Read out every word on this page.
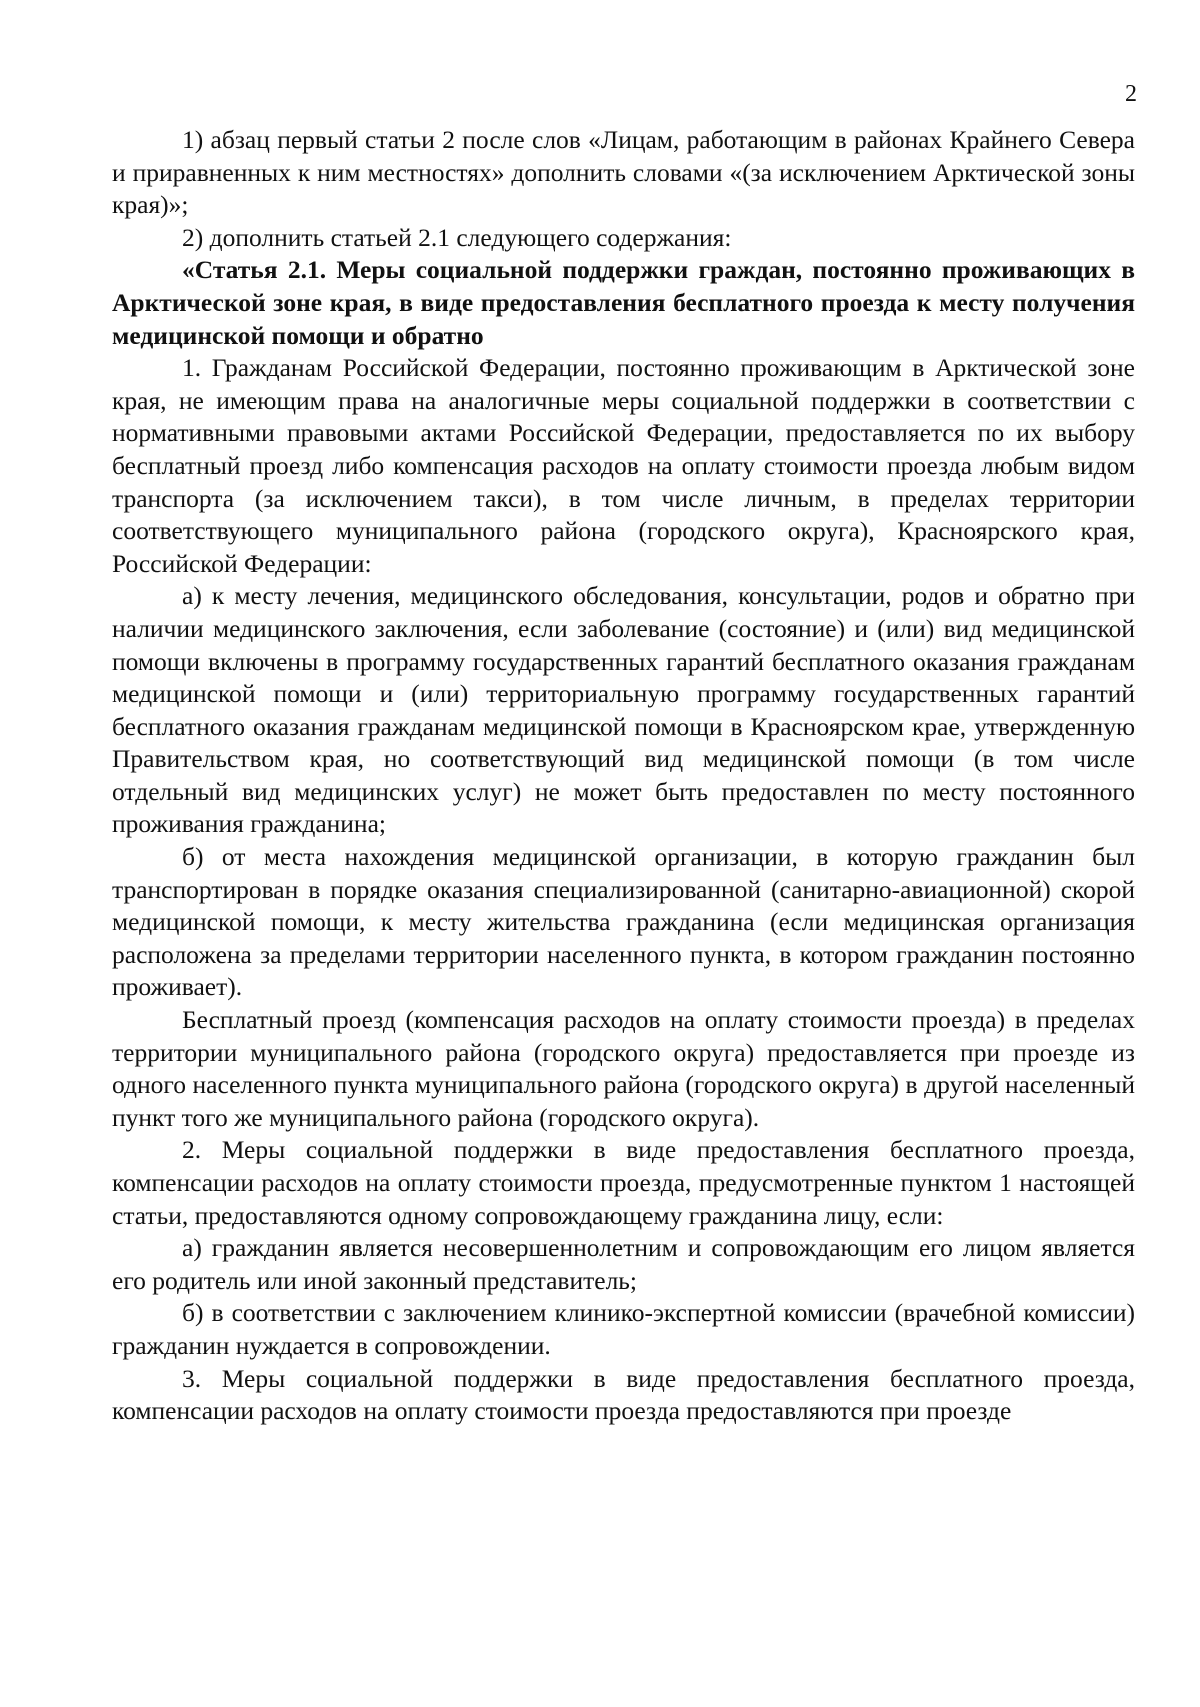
2

1) абзац первый статьи 2 после слов «Лицам, работающим в районах Крайнего Севера и приравненных к ним местностях» дополнить словами «(за исключением Арктической зоны края)»;

2) дополнить статьей 2.1 следующего содержания:

«Статья 2.1. Меры социальной поддержки граждан, постоянно проживающих в Арктической зоне края, в виде предоставления бесплатного проезда к месту получения медицинской помощи и обратно

1. Гражданам Российской Федерации, постоянно проживающим в Арктической зоне края, не имеющим права на аналогичные меры социальной поддержки в соответствии с нормативными правовыми актами Российской Федерации, предоставляется по их выбору бесплатный проезд либо компенсация расходов на оплату стоимости проезда любым видом транспорта (за исключением такси), в том числе личным, в пределах территории соответствующего муниципального района (городского округа), Красноярского края, Российской Федерации:

а) к месту лечения, медицинского обследования, консультации, родов и обратно при наличии медицинского заключения, если заболевание (состояние) и (или) вид медицинской помощи включены в программу государственных гарантий бесплатного оказания гражданам медицинской помощи и (или) территориальную программу государственных гарантий бесплатного оказания гражданам медицинской помощи в Красноярском крае, утвержденную Правительством края, но соответствующий вид медицинской помощи (в том числе отдельный вид медицинских услуг) не может быть предоставлен по месту постоянного проживания гражданина;

б) от места нахождения медицинской организации, в которую гражданин был транспортирован в порядке оказания специализированной (санитарно-авиационной) скорой медицинской помощи, к месту жительства гражданина (если медицинская организация расположена за пределами территории населенного пункта, в котором гражданин постоянно проживает).

Бесплатный проезд (компенсация расходов на оплату стоимости проезда) в пределах территории муниципального района (городского округа) предоставляется при проезде из одного населенного пункта муниципального района (городского округа) в другой населенный пункт того же муниципального района (городского округа).

2. Меры социальной поддержки в виде предоставления бесплатного проезда, компенсации расходов на оплату стоимости проезда, предусмотренные пунктом 1 настоящей статьи, предоставляются одному сопровождающему гражданина лицу, если:

а) гражданин является несовершеннолетним и сопровождающим его лицом является его родитель или иной законный представитель;

б) в соответствии с заключением клинико-экспертной комиссии (врачебной комиссии) гражданин нуждается в сопровождении.

3. Меры социальной поддержки в виде предоставления бесплатного проезда, компенсации расходов на оплату стоимости проезда предоставляются при проезде
